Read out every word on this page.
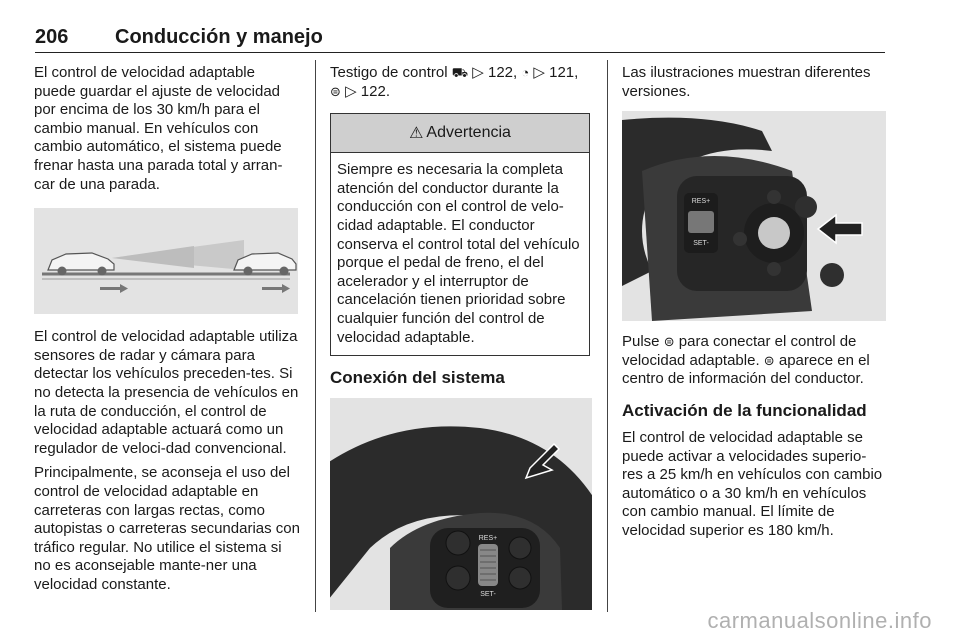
206 Conducción y manejo

El control de velocidad adaptable puede guardar el ajuste de velocidad por encima de los 30 km/h para el cambio manual. En vehículos con cambio automático, el sistema puede frenar hasta una parada total y arran-car de una parada.

El control de velocidad adaptable utiliza sensores de radar y cámara para detectar los vehículos preceden-tes. Si no detecta la presencia de vehículos en la ruta de conducción, el control de velocidad adaptable actuará como un regulador de veloci-dad convencional.

Principalmente, se aconseja el uso del control de velocidad adaptable en carreteras con largas rectas, como autopistas o carreteras secundarias con tráfico regular. No utilice el sistema si no es aconsejable mante-ner una velocidad constante.

Testigo de control ⛟ ▷ 122, ◔ ▷ 121,
⊜ ▷ 122.

⚠ Advertencia
Siempre es necesaria la completa atención del conductor durante la conducción con el control de velo-cidad adaptable. El conductor conserva el control total del vehículo porque el pedal de freno, el del acelerador y el interruptor de cancelación tienen prioridad sobre cualquier función del control de velocidad adaptable.
Conexión del sistema
RES+
SET-

Las ilustraciones muestran diferentes versiones.

RES+
SET-

Pulse ⊜ para conectar el control de velocidad adaptable. ⊜ aparece en el centro de información del conductor.

Activación de la funcionalidad

El control de velocidad adaptable se puede activar a velocidades superio-res a 25 km/h en vehículos con cambio automático o a 30 km/h en vehículos con cambio manual. El límite de velocidad superior es 180 km/h.

carmanualsonline.info
